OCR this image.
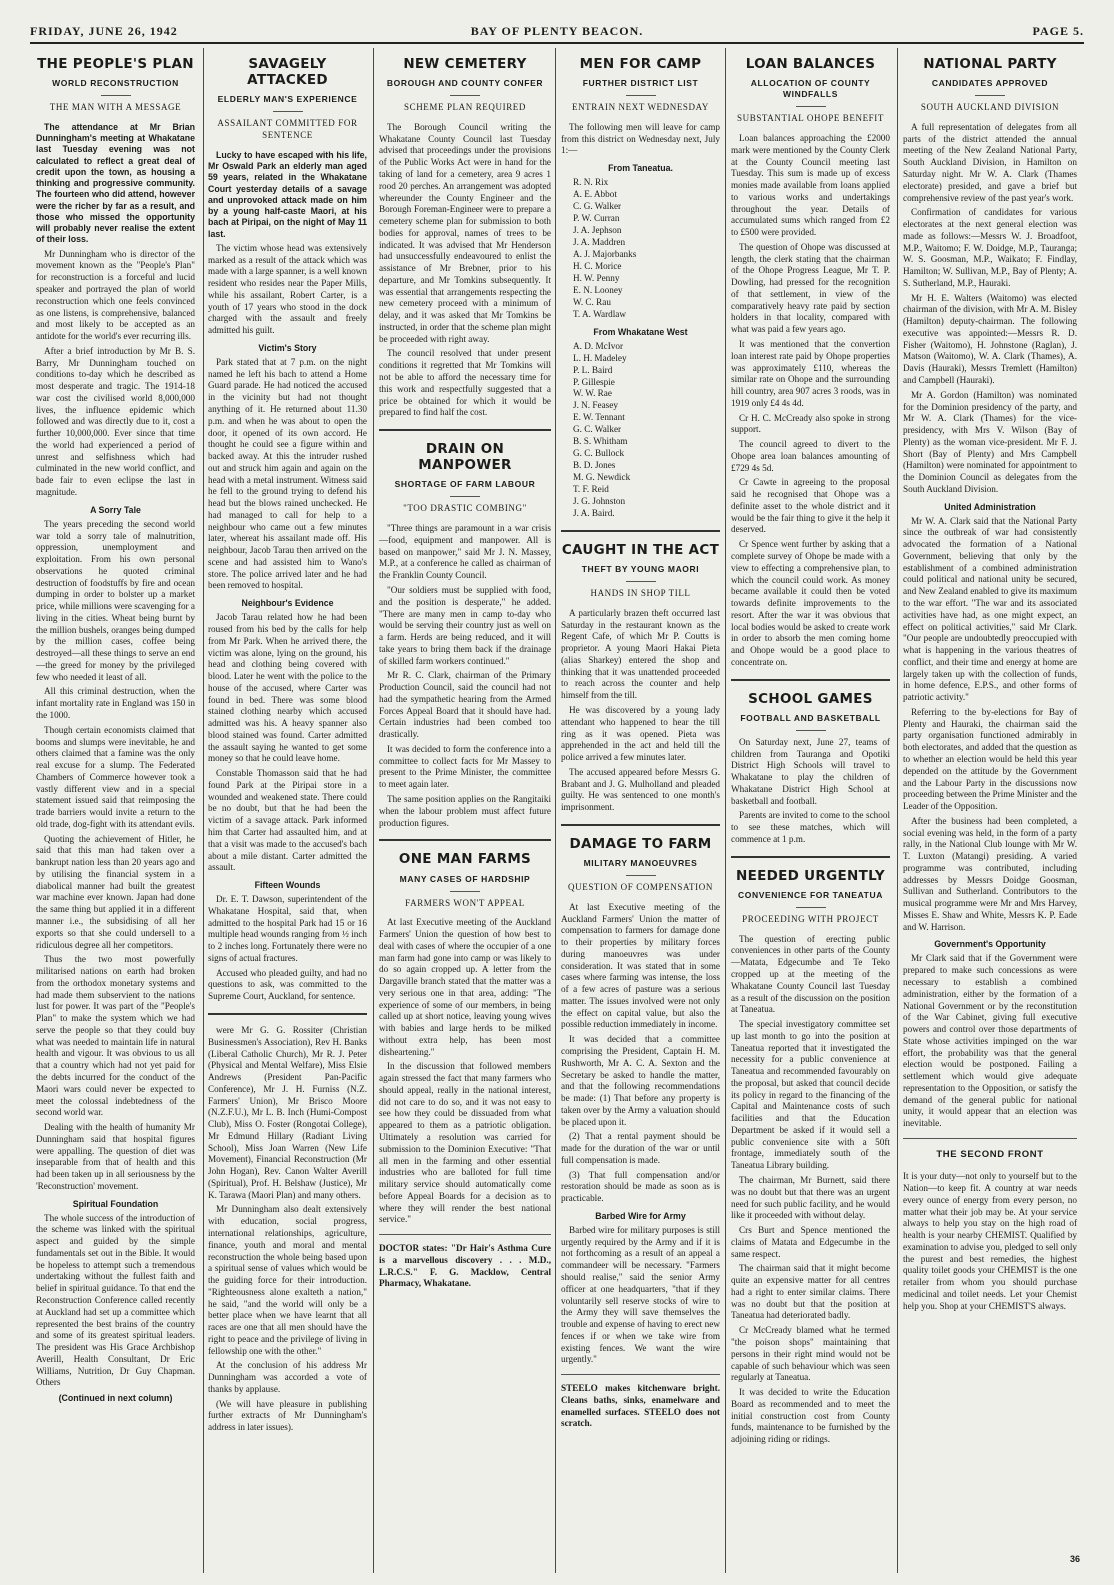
FRIDAY, JUNE 26, 1942	BAY OF PLENTY BEACON.	PAGE 5.
THE PEOPLE'S PLAN
WORLD RECONSTRUCTION
THE MAN WITH A MESSAGE

The attendance at Mr Brian Dunningham's meeting at Whakatane last Tuesday evening was not calculated to reflect a great deal of credit upon the town, as housing a thinking and progressive community. The fourteen who did attend, however were the richer by far as a result, and those who missed the opportunity will probably never realise the extent of their loss.

Mr Dunningham who is director of the movement known as the "People's Plan" for reconstruction is a forceful and lucid speaker and portrayed the plan of world reconstruction which one feels convinced as one listens, is comprehensive, balanced and most likely to be accepted as an antidote for the world's ever recurring ills.

After a brief introduction by Mr B. S. Barry, Mr Dunningham touched on conditions to-day which he described as most desperate and tragic. The 1914-18 war cost the civilised world 8,000,000 lives, the influence epidemic which followed and was directly due to it, cost a further 10,000,000. Ever since that time the world had experienced a period of unrest and selfishness which had culminated in the new world conflict, and bade fair to even eclipse the last in magnitude.

A Sorry Tale

The years preceding the second world war told a sorry tale of malnutrition, oppression, unemployment and exploitation. From his own personal observations he quoted criminal destruction of foodstuffs by fire and ocean dumping in order to bolster up a market price, while millions were scavenging for a living in the cities. Wheat being burnt by the million bushels, oranges being dumped by the million cases, coffee being destroyed—all these things to serve an end—the greed for money by the privileged few who needed it least of all.

All this criminal destruction, when the infant mortality rate in England was 150 in the 1000.

Though certain economists claimed that booms and slumps were inevitable, he and others claimed that a famine was the only real excuse for a slump. The Federated Chambers of Commerce however took a vastly different view and in a special statement issued said that reimposing the trade barriers would invite a return to the old trade, dog-fight with its attendant evils.

Quoting the achievement of Hitler, he said that this man had taken over a bankrupt nation less than 20 years ago and by utilising the financial system in a diabolical manner had built the greatest war machine ever known. Japan had done the same thing but applied it in a different manner i.e., the subsidising of all her exports so that she could undersell to a ridiculous degree all her competitors.

Thus the two most powerfully militarised nations on earth had broken from the orthodox monetary systems and had made them subservient to the nations lust for power. It was part of the "People's Plan" to make the system which we had serve the people so that they could buy what was needed to maintain life in natural health and vigour. It was obvious to us all that a country which had not yet paid for the debts incurred for the conduct of the Maori wars could never be expected to meet the colossal indebtedness of the second world war.

Dealing with the health of humanity Mr Dunningham said that hospital figures were appalling. The question of diet was inseparable from that of health and this had been taken up in all seriousness by the 'Reconstruction' movement.

Spiritual Foundation

The whole success of the introduction of the scheme was linked with the spiritual aspect and guided by the simple fundamentals set out in the Bible. It would be hopeless to attempt such a tremendous undertaking without the fullest faith and belief in spiritual guidance. To that end the Reconstruction Conference called recently at Auckland had set up a committee which represented the best brains of the country and some of its greatest spiritual leaders. The president was His Grace Archbishop Averill, Health Consultant, Dr Eric Williams, Nutrition, Dr Guy Chapman. Others

(Continued in next column)
SAVAGELY ATTACKED
ELDERLY MAN'S EXPERIENCE
ASSAILANT COMMITTED FOR SENTENCE

Lucky to have escaped with his life, Mr Oswald Park an elderly man aged 59 years, related in the Whakatane Court yesterday details of a savage and unprovoked attack made on him by a young half-caste Maori, at his bach at Piripai, on the night of May 11 last.

The victim whose head was extensively marked as a result of the attack which was made with a large spanner, is a well known resident who resides near the Paper Mills, while his assailant, Robert Carter, is a youth of 17 years who stood in the dock charged with the assault and freely admitted his guilt.

Victim's Story

Park stated that at 7 p.m. on the night named he left his bach to attend a Home Guard parade. He had noticed the accused in the vicinity but had not thought anything of it. He returned about 11.30 p.m. and when he was about to open the door, it opened of its own accord. He thought he could see a figure within and backed away. At this the intruder rushed out and struck him again and again on the head with a metal instrument. Witness said he fell to the ground trying to defend his head but the blows rained unchecked. He had managed to call for help to a neighbour who came out a few minutes later, whereat his assailant made off. His neighbour, Jacob Tarau then arrived on the scene and had assisted him to Wano's store. The police arrived later and he had been removed to hospital.

Neighbour's Evidence

Jacob Tarau related how he had been roused from his bed by the calls for help from Mr Park. When he arrived there, the victim was alone, lying on the ground, his head and clothing being covered with blood. Later he went with the police to the house of the accused, where Carter was found in bed. There was some blood stained clothing nearby which accused admitted was his. A heavy spanner also blood stained was found. Carter admitted the assault saying he wanted to get some money so that he could leave home.

Constable Thomasson said that he had found Park at the Piripai store in a wounded and weakened state. There could be no doubt, but that he had been the victim of a savage attack. Park informed him that Carter had assaulted him, and at that a visit was made to the accused's bach about a mile distant. Carter admitted the assault.

Fifteen Wounds

Dr. E. T. Dawson, superintendent of the Whakatane Hospital, said that, when admitted to the hospital Park had 15 or 16 multiple head wounds ranging from ½ inch to 2 inches long. Fortunately there were no signs of actual fractures.

Accused who pleaded guilty, and had no questions to ask, was committed to the Supreme Court, Auckland, for sentence.

were Mr G. G. Rossiter (Christian Businessmen's Association), Rev H. Banks (Liberal Catholic Church), Mr R. J. Peter (Physical and Mental Welfare), Miss Elsie Andrews (President Pan-Pacific Conference), Mr J. H. Furniss (N.Z. Farmers' Union), Mr Brisco Moore (N.Z.F.U.), Mr L. B. Inch (Humi-Compost Club), Miss O. Foster (Rongotai College), Mr Edmund Hillary (Radiant Living School), Miss Joan Warren (New Life Movement), Financial Reconstruction (Mr John Hogan), Rev. Canon Walter Averill (Spiritual), Prof. H. Belshaw (Justice), Mr K. Tarawa (Maori Plan) and many others.

Mr Dunningham also dealt extensively with education, social progress, international relationships, agriculture, finance, youth and moral and mental reconstruction the whole being based upon a spiritual sense of values which would be the guiding force for their introduction. "Righteousness alone exalteth a nation," he said, "and the world will only be a better place when we have learnt that all races are one that all men should have the right to peace and the privilege of living in fellowship one with the other."

At the conclusion of his address Mr Dunningham was accorded a vote of thanks by applause.

(We will have pleasure in publishing further extracts of Mr Dunningham's address in later issues).

NEW CEMETERY
BOROUGH AND COUNTY CONFER
SCHEME PLAN REQUIRED

The Borough Council writing the Whakatane County Council last Tuesday advised that proceedings under the provisions of the Public Works Act were in hand for the taking of land for a cemetery, area 9 acres 1 rood 20 perches. An arrangement was adopted whereunder the County Engineer and the Borough Foreman-Engineer were to prepare a cemetery scheme plan for submission to both bodies for approval, names of trees to be indicated. It was advised that Mr Henderson had unsuccessfully endeavoured to enlist the assistance of Mr Brebner, prior to his departure, and Mr Tomkins subsequently. It was essential that arrangements respecting the new cemetery proceed with a minimum of delay, and it was asked that Mr Tomkins be instructed, in order that the scheme plan might be proceeded with right away.

The council resolved that under present conditions it regretted that Mr Tomkins will not be able to afford the necessary time for this work and respectfully suggested that a price be obtained for which it would be prepared to find half the cost.

DRAIN ON MANPOWER
SHORTAGE OF FARM LABOUR
"TOO DRASTIC COMBING"

"Three things are paramount in a war crisis—food, equipment and manpower. All is based on manpower," said Mr J. N. Massey, M.P., at a conference he called as chairman of the Franklin County Council.

"Our soldiers must be supplied with food, and the position is desperate," he added. "There are many men in camp to-day who would be serving their country just as well on a farm. Herds are being reduced, and it will take years to bring them back if the drainage of skilled farm workers continued."

Mr R. C. Clark, chairman of the Primary Production Council, said the council had not had the sympathetic hearing from the Armed Forces Appeal Board that it should have had. Certain industries had been combed too drastically.

It was decided to form the conference into a committee to collect facts for Mr Massey to present to the Prime Minister, the committee to meet again later.

The same position applies on the Rangitaiki when the labour problem must affect future production figures.

ONE MAN FARMS
MANY CASES OF HARDSHIP
FARMERS WON'T APPEAL

At last Executive meeting of the Auckland Farmers' Union the question of how best to deal with cases of where the occupier of a one man farm had gone into camp or was likely to do so again cropped up. A letter from the Dargaville branch stated that the matter was a very serious one in that area, adding: "The experience of some of our members, in being called up at short notice, leaving young wives with babies and large herds to be milked without extra help, has been most disheartening."

In the discussion that followed members again stressed the fact that many farmers who should appeal, really in the national interest, did not care to do so, and it was not easy to see how they could be dissuaded from what appeared to them as a patriotic obligation. Ultimately a resolution was carried for submission to the Dominion Executive: "That all men in the farming and other essential industries who are balloted for full time military service should automatically come before Appeal Boards for a decision as to where they will render the best national service."

DOCTOR states: "Dr Hair's Asthma Cure is a marvellous discovery . . . M.D., L.R.C.S." F. G. Macklow, Central Pharmacy, Whakatane.

MEN FOR CAMP
FURTHER DISTRICT LIST
ENTRAIN NEXT WEDNESDAY

The following men will leave for camp from this district on Wednesday next, July 1:—

From Taneatua.
R. N. Rix
A. E. Abbot
C. G. Walker
P. W. Curran
J. A. Jephson
J. A. Maddren
A. J. Majorbanks
H. C. Morice
H. W. Penny
E. N. Looney
W. C. Rau
T. A. Wardlaw
From Whakatane West
A. D. McIvor
L. H. Madeley
P. L. Baird
P. Gillespie
W. W. Rae
J. N. Feasey
E. W. Tennant
G. C. Walker
B. S. Whitham
G. C. Bullock
B. D. Jones
M. G. Newdick
T. F. Reid
J. G. Johnston
J. A. Baird.
CAUGHT IN THE ACT
THEFT BY YOUNG MAORI
HANDS IN SHOP TILL

A particularly brazen theft occurred last Saturday in the restaurant known as the Regent Cafe, of which Mr P. Coutts is proprietor. A young Maori Hakai Pieta (alias Sharkey) entered the shop and thinking that it was unattended proceeded to reach across the counter and help himself from the till.

He was discovered by a young lady attendant who happened to hear the till ring as it was opened. Pieta was apprehended in the act and held till the police arrived a few minutes later.

The accused appeared before Messrs G. Brabant and J. G. Mulholland and pleaded guilty. He was sentenced to one month's imprisonment.

DAMAGE TO FARM
MILITARY MANOEUVRES
QUESTION OF COMPENSATION

At last Executive meeting of the Auckland Farmers' Union the matter of compensation to farmers for damage done to their properties by military forces during manoeuvres was under consideration. It was stated that in some cases where farming was intense, the loss of a few acres of pasture was a serious matter. The issues involved were not only the effect on capital value, but also the possible reduction immediately in income.

It was decided that a committee comprising the President, Captain H. M. Rushworth, Mr A. C. A. Sexton and the Secretary be asked to handle the matter, and that the following recommendations be made: (1) That before any property is taken over by the Army a valuation should be placed upon it.

(2) That a rental payment should be made for the duration of the war or until full compensation is made.

(3) That full compensation and/or restoration should be made as soon as is practicable.

Barbed Wire for Army

Barbed wire for military purposes is still urgently required by the Army and if it is not forthcoming as a result of an appeal a commandeer will be necessary. "Farmers should realise," said the senior Army officer at one headquarters, "that if they voluntarily sell reserve stocks of wire to the Army they will save themselves the trouble and expense of having to erect new fences if or when we take wire from existing fences. We want the wire urgently."

STEELO makes kitchenware bright. Cleans baths, sinks, enamelware and enamelled surfaces. STEELO does not scratch.

LOAN BALANCES
ALLOCATION OF COUNTY WINDFALLS
SUBSTANTIAL OHOPE BENEFIT

Loan balances approaching the £2000 mark were mentioned by the County Clerk at the County Council meeting last Tuesday. This sum is made up of excess monies made available from loans applied to various works and undertakings throughout the year. Details of accumulated sums which ranged from £2 to £500 were provided.

The question of Ohope was discussed at length, the clerk stating that the chairman of the Ohope Progress League, Mr T. P. Dowling, had pressed for the recognition of that settlement, in view of the comparatively heavy rate paid by section holders in that locality, compared with what was paid a few years ago.

It was mentioned that the convertion loan interest rate paid by Ohope properties was approximately £110, whereas the similar rate on Ohope and the surrounding hill country, area 907 acres 3 roods, was in 1919 only £4 4s 4d.

Cr H. C. McCready also spoke in strong support.

The council agreed to divert to the Ohope area loan balances amounting of £729 4s 5d.

Cr Cawte in agreeing to the proposal said he recognised that Ohope was a definite asset to the whole district and it would be the fair thing to give it the help it deserved.

Cr Spence went further by asking that a complete survey of Ohope be made with a view to effecting a comprehensive plan, to which the council could work. As money became available it could then be voted towards definite improvements to the resort. After the war it was obvious that local bodies would be asked to create work in order to absorb the men coming home and Ohope would be a good place to concentrate on.

SCHOOL GAMES
FOOTBALL AND BASKETBALL

On Saturday next, June 27, teams of children from Tauranga and Opotiki District High Schools will travel to Whakatane to play the children of Whakatane District High School at basketball and football.

Parents are invited to come to the school to see these matches, which will commence at 1 p.m.

NEEDED URGENTLY
CONVENIENCE FOR TANEATUA
PROCEEDING WITH PROJECT

The question of erecting public conveniences in other parts of the County—Matata, Edgecumbe and Te Teko cropped up at the meeting of the Whakatane County Council last Tuesday as a result of the discussion on the position at Taneatua.

The special investigatory committee set up last month to go into the position at Taneatua reported that it investigated the necessity for a public convenience at Taneatua and recommended favourably on the proposal, but asked that council decide its policy in regard to the financing of the Capital and Maintenance costs of such facilities and that the Education Department be asked if it would sell a public convenience site with a 50ft frontage, immediately south of the Taneatua Library building.

The chairman, Mr Burnett, said there was no doubt but that there was an urgent need for such public facility, and he would like it proceeded with without delay.

Crs Burt and Spence mentioned the claims of Matata and Edgecumbe in the same respect.

The chairman said that it might become quite an expensive matter for all centres had a right to enter similar claims. There was no doubt but that the position at Taneatua had deteriorated badly.

Cr McCready blamed what he termed "the poison shops" maintaining that persons in their right mind would not be capable of such behaviour which was seen regularly at Taneatua.

It was decided to write the Education Board as recommended and to meet the initial construction cost from County funds, maintenance to be furnished by the adjoining riding or ridings.

NATIONAL PARTY
CANDIDATES APPROVED
SOUTH AUCKLAND DIVISION

A full representation of delegates from all parts of the district attended the annual meeting of the New Zealand National Party, South Auckland Division, in Hamilton on Saturday night. Mr W. A. Clark (Thames electorate) presided, and gave a brief but comprehensive review of the past year's work.

Confirmation of candidates for various electorates at the next general election was made as follows:—Messrs W. J. Broadfoot, M.P., Waitomo; F. W. Doidge, M.P., Tauranga; W. S. Goosman, M.P., Waikato; F. Findlay, Hamilton; W. Sullivan, M.P., Bay of Plenty; A. S. Sutherland, M.P., Hauraki.

Mr H. E. Walters (Waitomo) was elected chairman of the division, with Mr A. M. Bisley (Hamilton) deputy-chairman. The following executive was appointed:—Messrs R. D. Fisher (Waitomo), H. Johnstone (Raglan), J. Matson (Waitomo), W. A. Clark (Thames), A. Davis (Hauraki), Messrs Tremlett (Hamilton) and Campbell (Hauraki).

Mr A. Gordon (Hamilton) was nominated for the Dominion presidency of the party, and Mr W. A. Clark (Thames) for the vice-presidency, with Mrs V. Wilson (Bay of Plenty) as the woman vice-president. Mr F. J. Short (Bay of Plenty) and Mrs Campbell (Hamilton) were nominated for appointment to the Dominion Council as delegates from the South Auckland Division.

United Administration

Mr W. A. Clark said that the National Party since the outbreak of war had consistently advocated the formation of a National Government, believing that only by the establishment of a combined administration could political and national unity be secured, and New Zealand enabled to give its maximum to the war effort. "The war and its associated activities have had, as one might expect, an effect on political activities," said Mr Clark. "Our people are undoubtedly preoccupied with what is happening in the various theatres of conflict, and their time and energy at home are largely taken up with the collection of funds, in home defence, E.P.S., and other forms of patriotic activity."

Referring to the by-elections for Bay of Plenty and Hauraki, the chairman said the party organisation functioned admirably in both electorates, and added that the question as to whether an election would be held this year depended on the attitude by the Government and the Labour Party in the discussions now proceeding between the Prime Minister and the Leader of the Opposition.

After the business had been completed, a social evening was held, in the form of a party rally, in the National Club lounge with Mr W. T. Luxton (Matangi) presiding. A varied programme was contributed, including addresses by Messrs Doidge Goosman, Sullivan and Sutherland. Contributors to the musical programme were Mr and Mrs Harvey, Misses E. Shaw and White, Messrs K. P. Eade and W. Harrison.

Government's Opportunity

Mr Clark said that if the Government were prepared to make such concessions as were necessary to establish a combined administration, either by the formation of a National Government or by the reconstitution of the War Cabinet, giving full executive powers and control over those departments of State whose activities impinged on the war effort, the probability was that the general election would be postponed. Failing a settlement which would give adequate representation to the Opposition, or satisfy the demand of the general public for national unity, it would appear that an election was inevitable.

THE SECOND FRONT

It is your duty—not only to yourself but to the Nation—to keep fit. A country at war needs every ounce of energy from every person, no matter what their job may be. At your service always to help you stay on the high road of health is your nearby CHEMIST. Qualified by examination to advise you, pledged to sell only the purest and best remedies, the highest quality toilet goods your CHEMIST is the one retailer from whom you should purchase medicinal and toilet needs. Let your Chemist help you. Shop at your CHEMIST'S always.

36
